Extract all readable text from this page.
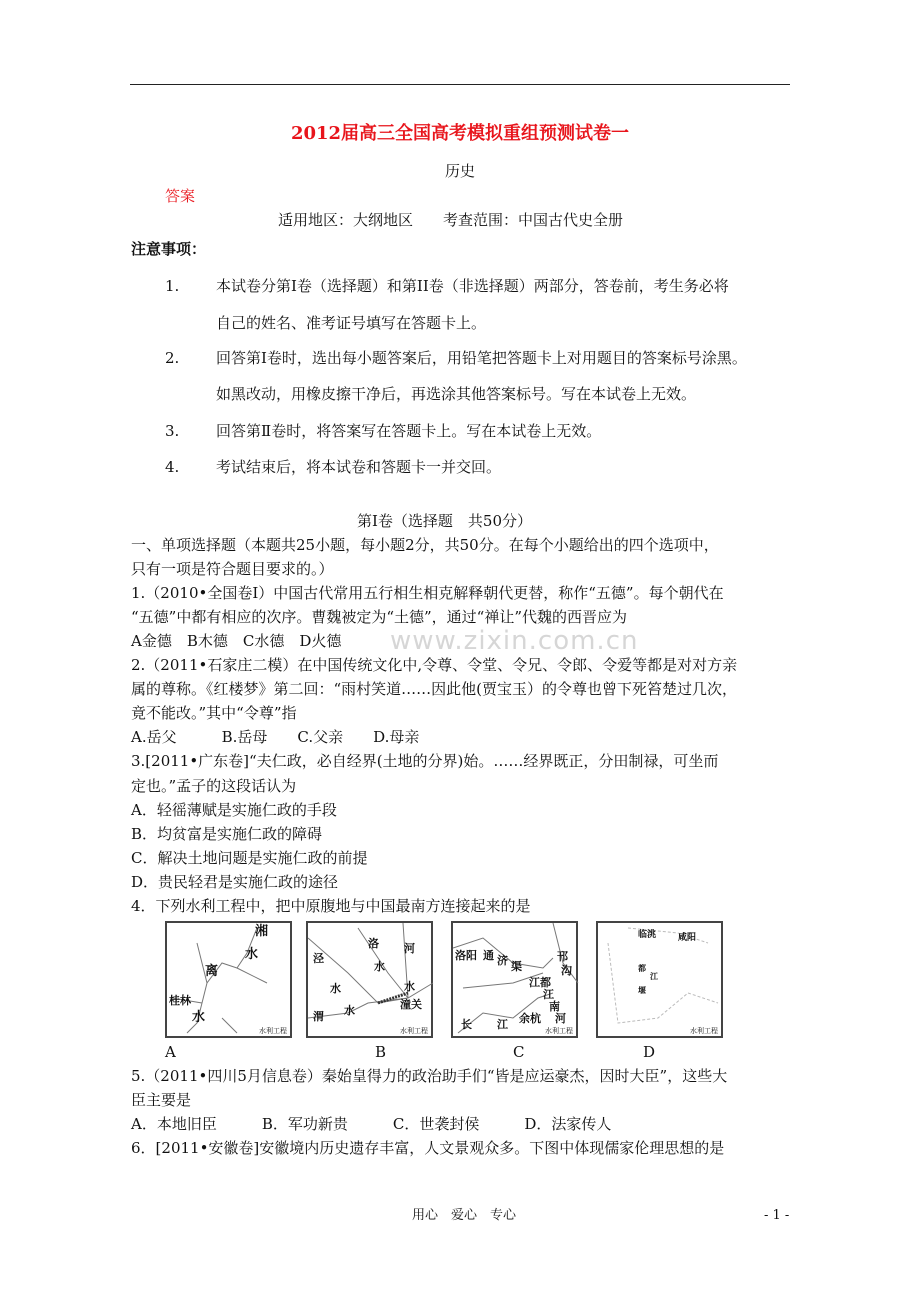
2012届高三全国高考模拟重组预测试卷一
历史
答案
适用地区：大纲地区　　考查范围：中国古代史全册
注意事项：
1. 本试卷分第Ⅰ卷（选择题）和第II卷（非选择题）两部分，答卷前，考生务必将
自己的姓名、准考证号填写在答题卡上。
2. 回答第Ⅰ卷时，选出每小题答案后，用铅笔把答题卡上对用题目的答案标号涂黑。
如黑改动，用橡皮擦干净后，再选涂其他答案标号。写在本试卷上无效。
3. 回答第Ⅱ卷时，将答案写在答题卡上。写在本试卷上无效。
4. 考试结束后，将本试卷和答题卡一并交回。
第Ⅰ卷（选择题　共50分）
一、单项选择题（本题共25小题，每小题2分，共50分。在每个小题给出的四个选项中，
只有一项是符合题目要求的。）
1.（2010•全国卷Ⅰ）中国古代常用五行相生相克解释朝代更替，称作“五德”。每个朝代在
“五德”中都有相应的次序。曹魏被定为“土德”，通过“禅让”代魏的西晋应为
A金德　B木德　C水德　D火德 www.zixin.com.cn
2.（2011•石家庄二模）在中国传统文化中,令尊、令堂、令兄、令郎、令爱等都是对对方亲
属的尊称。《红楼梦》第二回：“雨村笑道……因此他(贾宝玉）的令尊也曾下死笞楚过几次，
竟不能改。”其中“令尊”指
A.岳父　　　B.岳母　　C.父亲　　D.母亲
3.[2011•广东卷]“夫仁政，必自经界(土地的分界)始。……经界既正，分田制禄，可坐而
定也。”孟子的这段话认为
A．轻徭薄赋是实施仁政的手段
B．均贫富是实施仁政的障碍
C．解决土地问题是实施仁政的前提
D．贵民轻君是实施仁政的途径
4．下列水利工程中，把中原腹地与中国最南方连接起来的是
湘
水
离
桂林
水
水利工程
泾
洛 河
水
水	水
渭 水	潼关
水利工程
洛阳 通 济 渠
邗
沟
江都
江
南
河
余杭
长 江	水利工程
临洮 咸阳
都
江
堰
水利工程
A	B	C	D
5.（2011•四川5月信息卷）秦始皇得力的政治助手们“皆是应运豪杰，因时大臣”，这些大
臣主要是
A．本地旧臣　　　B．军功新贵　　　C．世袭封侯　　　D．法家传人
6．[2011•安徽卷]安徽境内历史遗存丰富，人文景观众多。下图中体现儒家伦理思想的是
用心　爱心　专心	- 1 -
